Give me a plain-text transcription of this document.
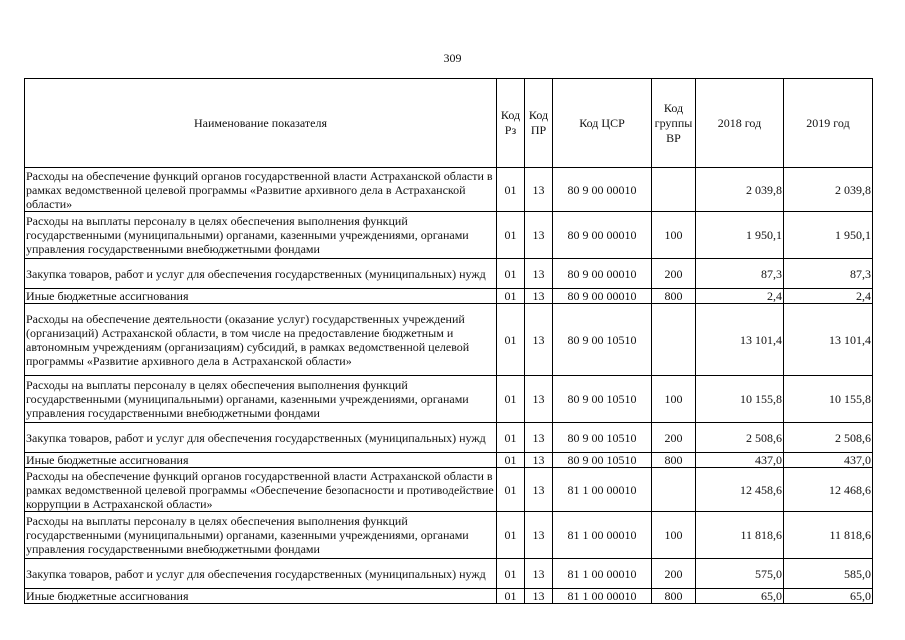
309
Наименование показателя	Код Рз	Код ПР	Код ЦСР	Код группы ВР	2018 год	2019 год
Расходы на обеспечение функций органов государственной власти Астраханской области в рамках ведомственной целевой программы «Развитие архивного дела в Астраханской области»	01	13	80 9 00 00010		2 039,8	2 039,8
Расходы на выплаты персоналу в целях обеспечения выполнения функций государственными (муниципальными) органами, казенными учреждениями, органами управления государственными внебюджетными фондами	01	13	80 9 00 00010	100	1 950,1	1 950,1
Закупка товаров, работ и услуг для обеспечения государственных (муниципальных) нужд	01	13	80 9 00 00010	200	87,3	87,3
Иные бюджетные ассигнования	01	13	80 9 00 00010	800	2,4	2,4
Расходы на обеспечение деятельности (оказание услуг) государственных учреждений (организаций) Астраханской области, в том числе на предоставление бюджетным и автономным учреждениям (организациям) субсидий, в рамках ведомственной целевой программы «Развитие архивного дела в Астраханской области»	01	13	80 9 00 10510		13 101,4	13 101,4
Расходы на выплаты персоналу в целях обеспечения выполнения функций государственными (муниципальными) органами, казенными учреждениями, органами управления государственными внебюджетными фондами	01	13	80 9 00 10510	100	10 155,8	10 155,8
Закупка товаров, работ и услуг для обеспечения государственных (муниципальных) нужд	01	13	80 9 00 10510	200	2 508,6	2 508,6
Иные бюджетные ассигнования	01	13	80 9 00 10510	800	437,0	437,0
Расходы на обеспечение функций органов государственной власти Астраханской области в рамках ведомственной целевой программы «Обеспечение безопасности и противодействие коррупции в Астраханской области»	01	13	81 1 00 00010		12 458,6	12 468,6
Расходы на выплаты персоналу в целях обеспечения выполнения функций государственными (муниципальными) органами, казенными учреждениями, органами управления государственными внебюджетными фондами	01	13	81 1 00 00010	100	11 818,6	11 818,6
Закупка товаров, работ и услуг для обеспечения государственных (муниципальных) нужд	01	13	81 1 00 00010	200	575,0	585,0
Иные бюджетные ассигнования	01	13	81 1 00 00010	800	65,0	65,0
